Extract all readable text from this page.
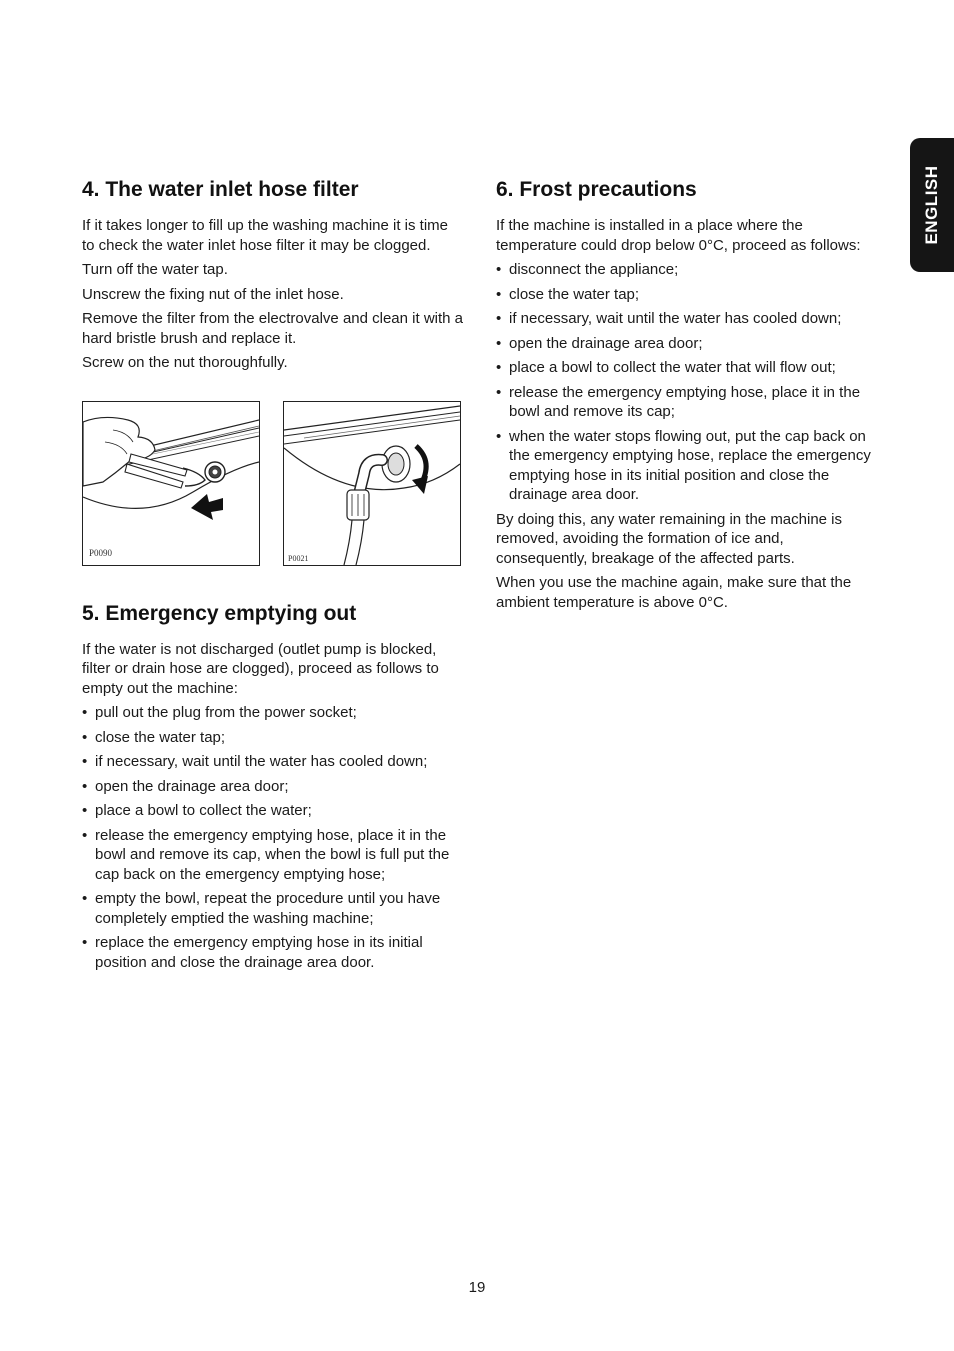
ENGLISH
4. The water inlet hose filter

If it takes longer to fill up the washing machine it is time to check the water inlet hose filter it may be clogged.

Turn off the water tap.

Unscrew the fixing nut of the inlet hose.

Remove the filter from the electrovalve and clean it with a hard bristle brush and replace it.

Screw on the nut thoroughfully.

P0090
P0021
5. Emergency emptying out

If the water is not discharged (outlet pump is blocked, filter or drain hose are clogged), proceed as follows to empty out the machine:

• pull out the plug from the power socket;
• close the water tap;
• if necessary, wait until the water has cooled down;
• open the drainage area door;
• place a bowl to collect the water;
• release the emergency emptying hose, place it in the bowl and remove its cap, when the bowl is full put the cap back on the emergency emptying hose;
• empty the bowl, repeat the procedure until you have completely emptied the washing machine;
• replace the emergency emptying hose in its initial position and close the drainage area door.
6. Frost precautions

If the machine is installed in a place where the temperature could drop below 0°C, proceed as follows:

• disconnect the appliance;
• close the water tap;
• if necessary, wait until the water has cooled down;
• open the drainage area door;
• place a bowl to collect the water that will flow out;
• release the emergency emptying hose, place it in the bowl and remove its cap;
• when the water stops flowing out, put the cap back on the emergency emptying hose, replace the emergency emptying hose in its initial position and close the drainage area door.

By doing this, any water remaining in the machine is removed, avoiding the formation of ice and, consequently, breakage of the affected parts.

When you use the machine again, make sure that the ambient temperature is above 0°C.

19
